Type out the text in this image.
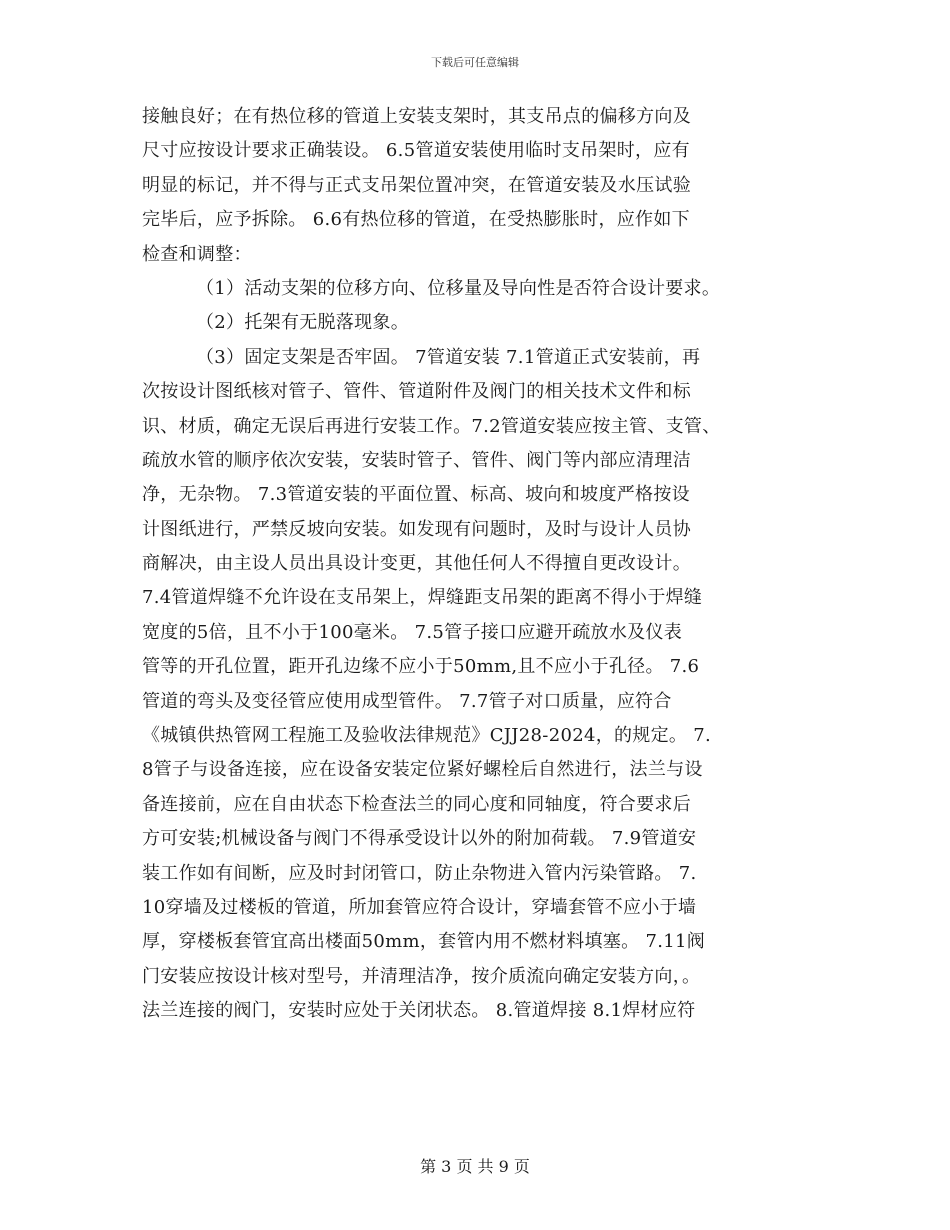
下载后可任意编辑
接触良好；在有热位移的管道上安装支架时，其支吊点的偏移方向及
尺寸应按设计要求正确装设。 6.5管道安装使用临时支吊架时，应有
明显的标记，并不得与正式支吊架位置冲突，在管道安装及水压试验
完毕后，应予拆除。 6.6有热位移的管道，在受热膨胀时，应作如下
检查和调整：
（1）活动支架的位移方向、位移量及导向性是否符合设计要求。
（2）托架有无脱落现象。
（3）固定支架是否牢固。 7管道安装 7.1管道正式安装前，再
次按设计图纸核对管子、管件、管道附件及阀门的相关技术文件和标
识、材质，确定无误后再进行安装工作。7.2管道安装应按主管、支管、
疏放水管的顺序依次安装，安装时管子、管件、阀门等内部应清理洁
净，无杂物。 7.3管道安装的平面位置、标高、坡向和坡度严格按设
计图纸进行，严禁反坡向安装。如发现有问题时，及时与设计人员协
商解决，由主设人员出具设计变更，其他任何人不得擅自更改设计。
7.4管道焊缝不允许设在支吊架上，焊缝距支吊架的距离不得小于焊缝
宽度的5倍，且不小于100毫米。 7.5管子接口应避开疏放水及仪表
管等的开孔位置，距开孔边缘不应小于50mm,且不应小于孔径。 7.6
管道的弯头及变径管应使用成型管件。 7.7管子对口质量，应符合
《城镇供热管网工程施工及验收法律规范》CJJ28-2024，的规定。 7.
8管子与设备连接，应在设备安装定位紧好螺栓后自然进行，法兰与设
备连接前，应在自由状态下检查法兰的同心度和同轴度，符合要求后
方可安装;机械设备与阀门不得承受设计以外的附加荷载。 7.9管道安
装工作如有间断，应及时封闭管口，防止杂物进入管内污染管路。 7.
10穿墙及过楼板的管道，所加套管应符合设计，穿墙套管不应小于墙
厚，穿楼板套管宜高出楼面50mm，套管内用不燃材料填塞。 7.11阀
门安装应按设计核对型号，并清理洁净，按介质流向确定安装方向，。
法兰连接的阀门，安装时应处于关闭状态。 8.管道焊接 8.1焊材应符
第 3 页 共 9 页
